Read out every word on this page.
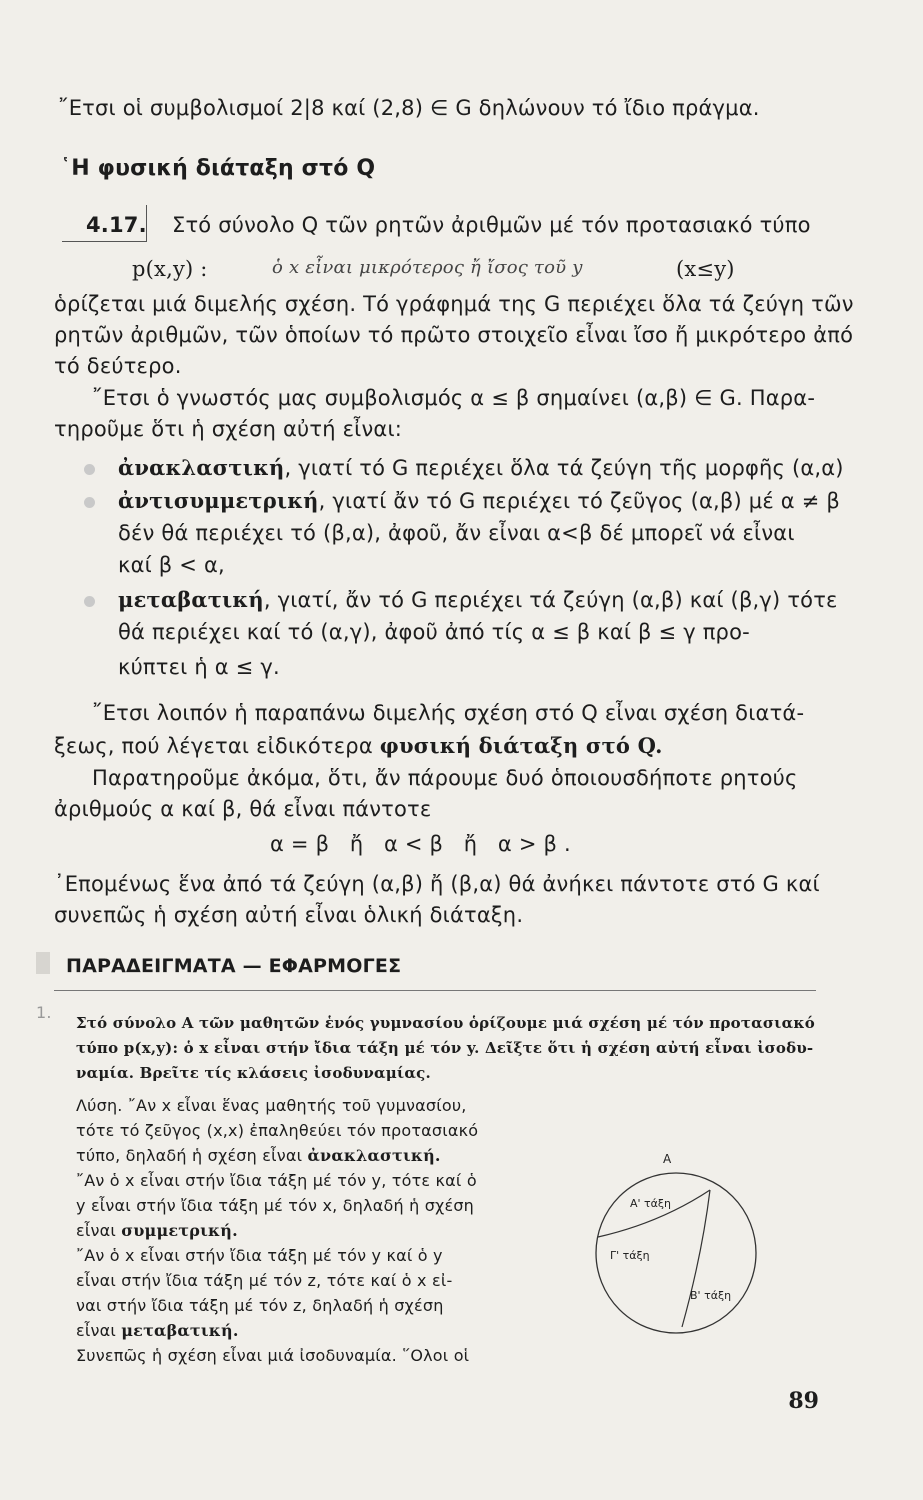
῎Ετσι οἱ συμβολισμοί 2|8 καί (2,8) ∈ G δηλώνουν τό ἴδιο πράγμα.
῾Η φυσική διάταξη στό Q
4.17. Στό σύνολο Q τῶν ρητῶν ἀριθμῶν μέ τόν προτασιακό τύπο
p(x,y) :	ὁ x εἶναι μικρότερος ἤ ἴσος τοῦ y	(x≤y)
ὁρίζεται μιά διμελής σχέση. Τό γράφημά της G περιέχει ὅλα τά ζεύγη τῶν
ρητῶν ἀριθμῶν, τῶν ὁποίων τό πρῶτο στοιχεῖο εἶναι ἴσο ἤ μικρότερο ἀπό
τό δεύτερο.
῎Ετσι ὁ γνωστός μας συμβολισμός α ≤ β σημαίνει (α,β) ∈ G. Παρα-
τηροῦμε ὅτι ἡ σχέση αὐτή εἶναι:
ἀνακλαστική, γιατί τό G περιέχει ὅλα τά ζεύγη τῆς μορφῆς (α,α)
ἀντισυμμετρική, γιατί ἄν τό G περιέχει τό ζεῦγος (α,β) μέ α ≠ β
δέν θά περιέχει τό (β,α), ἀφοῦ, ἄν εἶναι α<β δέ μπορεῖ νά εἶναι
καί β < α,
μεταβατική, γιατί, ἄν τό G περιέχει τά ζεύγη (α,β) καί (β,γ) τότε
θά περιέχει καί τό (α,γ), ἀφοῦ ἀπό τίς α ≤ β καί β ≤ γ προ-
κύπτει ἡ α ≤ γ.
῎Ετσι λοιπόν ἡ παραπάνω διμελής σχέση στό Q εἶναι σχέση διατά-
ξεως, πού λέγεται εἰδικότερα φυσική διάταξη στό Q.
Παρατηροῦμε ἀκόμα, ὅτι, ἄν πάρουμε δυό ὁποιουσδήποτε ρητούς
ἀριθμούς α καί β, θά εἶναι πάντοτε
α = β   ἤ   α < β   ἤ   α > β .
᾽Επομένως ἕνα ἀπό τά ζεύγη (α,β) ἤ (β,α) θά ἀνήκει πάντοτε στό G καί
συνεπῶς ἡ σχέση αὐτή εἶναι ὁλική διάταξη.
ΠΑΡΑΔΕΙΓΜΑΤΑ — ΕΦΑΡΜΟΓΕΣ
1.
Στό σύνολο Α τῶν μαθητῶν ἑνός γυμνασίου ὁρίζουμε μιά σχέση μέ τόν προτασιακό
τύπο p(x,y): ὁ x εἶναι στήν ἴδια τάξη μέ τόν y. Δεῖξτε ὅτι ἡ σχέση αὐτή εἶναι ἰσοδυ-
ναμία. Βρεῖτε τίς κλάσεις ἰσοδυναμίας.
Λύση. ῎Αν x εἶναι ἕνας μαθητής τοῦ γυμνασίου,
τότε τό ζεῦγος (x,x) ἐπαληθεύει τόν προτασιακό
τύπο, δηλαδή ἡ σχέση εἶναι ἀνακλαστική.
῎Αν ὁ x εἶναι στήν ἴδια τάξη μέ τόν y, τότε καί ὁ
y εἶναι στήν ἴδια τάξη μέ τόν x, δηλαδή ἡ σχέση
εἶναι συμμετρική.
῎Αν ὁ x εἶναι στήν ἴδια τάξη μέ τόν y καί ὁ y
εἶναι στήν ἴδια τάξη μέ τόν z, τότε καί ὁ x εἰ-
ναι στήν ἴδια τάξη μέ τόν z, δηλαδή ἡ σχέση
εἶναι μεταβατική.
Συνεπῶς ἡ σχέση εἶναι μιά ἰσοδυναμία. ῞Ολοι οἱ
A
Α' τάξη
Γ' τάξη
Β' τάξη
89
